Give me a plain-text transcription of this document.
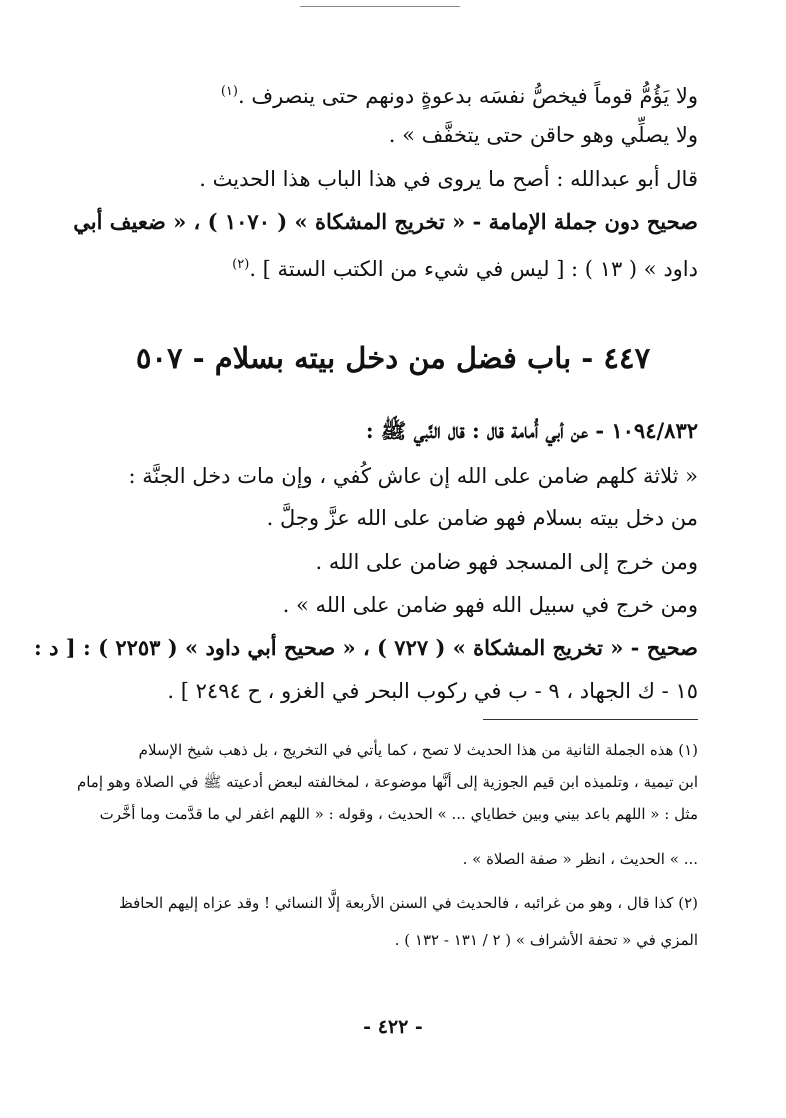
ولا يَؤُمُّ قوماً فيخصُّ نفسَه بدعوةٍ دونهم حتى ينصرف .$^{(١)}$
ولا يصلِّي وهو حاقن حتى يتخفَّف » .
قال أبو عبدالله : أصح ما يروى في هذا الباب هذا الحديث .
صحيح دون جملة الإمامة - « تخريج المشكاة » ( ١٠٧٠ ) ، « ضعيف أبي
داود » ( ١٣ ) : [ ليس في شيء من الكتب الستة ] .$^{(٢)}$
٤٤٧ - باب فضل من دخل بيته بسلام - ٥٠٧
١٠٩٤/٨٣٢ - عن أبي أُمامة قال : قال النَّبي ﷺ :
« ثلاثة كلهم ضامن على الله إن عاش كُفي ، وإن مات دخل الجنَّة :
من دخل بيته بسلام فهو ضامن على الله عزَّ وجلَّ .
ومن خرج إلى المسجد فهو ضامن على الله .
ومن خرج في سبيل الله فهو ضامن على الله » .
صحيح - « تخريج المشكاة » ( ٧٢٧ ) ، « صحيح أبي داود » ( ٢٢٥٣ ) : [ د :
١٥ - ك الجهاد ، ٩ - ب في ركوب البحر في الغزو ، ح ٢٤٩٤ ] .
(١) هذه الجملة الثانية من هذا الحديث لا تصح ، كما يأتي في التخريج ، بل ذهب شيخ الإسلام
ابن تيمية ، وتلميذه ابن قيم الجوزية إلى أنَّها موضوعة ، لمخالفته لبعض أدعيته ﷺ في الصلاة وهو إمام
مثل : « اللهم باعد بيني وبين خطاياي ... » الحديث ، وقوله : « اللهم اغفر لي ما قدَّمت وما أخَّرت
... » الحديث ، انظر « صفة الصلاة » .
(٢) كذا قال ، وهو من غرائبه ، فالحديث في السنن الأربعة إلَّا النسائي ! وقد عزاه إليهم الحافظ
المزي في « تحفة الأشراف » ( ٢ / ١٣١ - ١٣٢ ) .
- ٤٢٢ -
